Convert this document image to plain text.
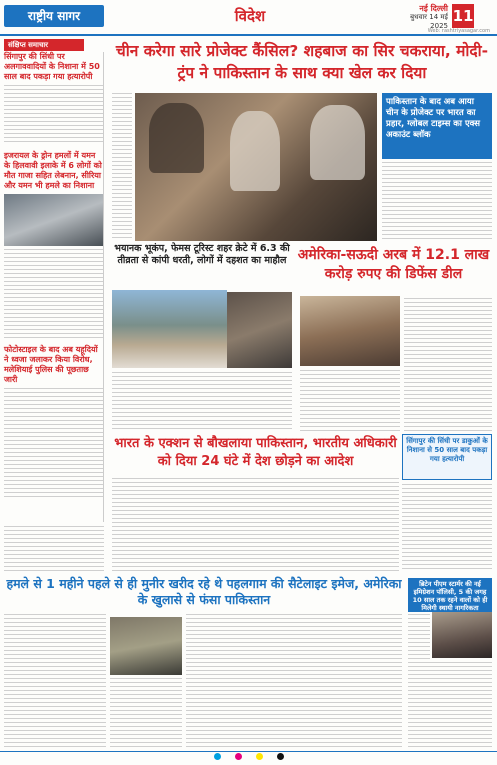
राष्ट्रीय सागर	विदेश	नई दिल्ली
बुधवार 14 मई 2025
11
Web: rashtriyasagar.com
संक्षिप्त समाचार
सिंगापुर की सिंधी पर अलगाववादियों के निशाना में 50 साल बाद पकड़ा गया हत्यारोपी
इजरायल के ड्रोन हमलों में यमन के हिलवावी इलाके में 6 लोगों को मौत गाजा सहित लेबनान, सीरिया और यमन भी हमले का निशाना
फोटोस्टाइल के बाद अब यहूदियों ने ध्वजा जलाकर किया विरोध, मलेशियाई पुलिस की पूछताछ जारी
चीन करेगा सारे प्रोजेक्ट कैंसिल? शहबाज का सिर चकराया, मोदी-ट्रंप ने पाकिस्तान के साथ क्या खेल कर दिया
पाकिस्तान के बाद अब आया चीन के प्रोजेक्ट पर भारत का प्रहार, ग्लोबल टाइम्स का एक्स अकाउंट ब्लॉक
भयानक भूकंप, फेमस टूरिस्ट शहर क्रेटे में 6.3 की तीव्रता से कांपी धरती, लोगों में दहशत का माहौल अमेरिका-सऊदी अरब में 12.1 लाख करोड़ रुपए की डिफेंस डील
भारत के एक्शन से बौखलाया पाकिस्तान, भारतीय अधिकारी को दिया 24 घंटे में देश छोड़ने का आदेश
सिंगापुर की सिंधी पर डाकुओं के निशाना से 50 साल बाद पकड़ा गया हत्यारोपी
हमले से 1 महीने पहले से ही मुनीर खरीद रहे थे पहलगाम की सैटेलाइट इमेज, अमेरिका के खुलासे से फंसा पाकिस्तान
ब्रिटेन पीएम स्टार्मर की नई इमिग्रेशन पॉलिसी, 5 की जगह 10 साल तक रहने वालों को ही मिलेगी स्थायी नागरिकता
